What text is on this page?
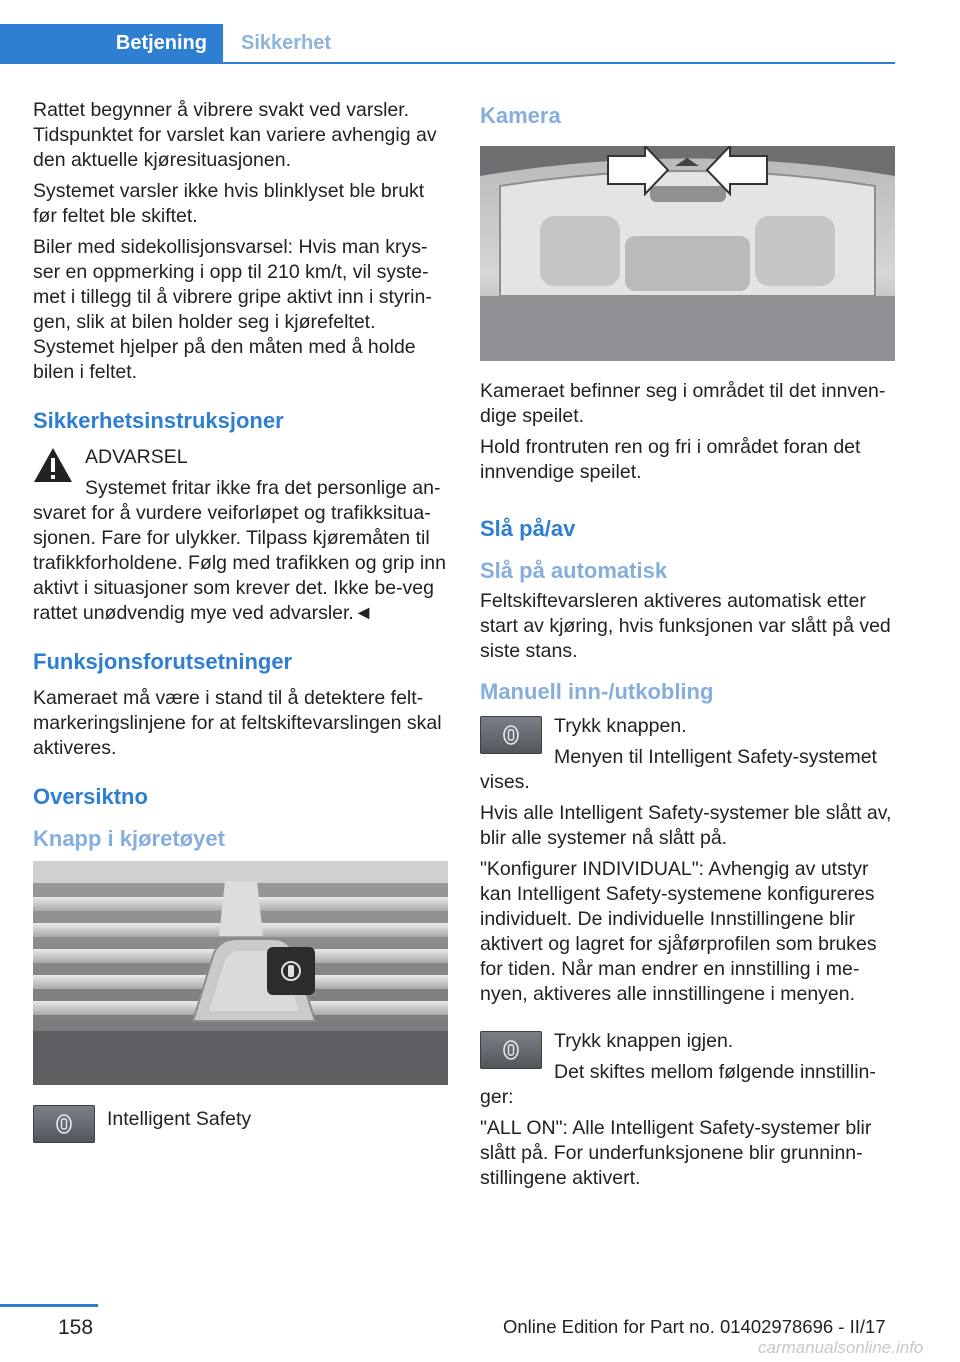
Betjening	Sikkerhet

Rattet begynner å vibrere svakt ved varsler. Tidspunktet for varslet kan variere avhengig av den aktuelle kjøresituasjonen.

Systemet varsler ikke hvis blinklyset ble brukt før feltet ble skiftet.

Biler med sidekollisjonsvarsel: Hvis man krys-ser en oppmerking i opp til 210 km/t, vil syste-met i tillegg til å vibrere gripe aktivt inn i styrin-gen, slik at bilen holder seg i kjørefeltet. Systemet hjelper på den måten med å holde bilen i feltet.

Sikkerhetsinstruksjoner

ADVARSEL

Systemet fritar ikke fra det personlige an-svaret for å vurdere veiforløpet og trafikksitua-sjonen. Fare for ulykker. Tilpass kjøremåten til trafikkforholdene. Følg med trafikken og grip inn aktivt i situasjoner som krever det. Ikke be-veg rattet unødvendig mye ved advarsler.◄

Funksjonsforutsetninger

Kameraet må være i stand til å detektere felt-markeringslinjene for at feltskiftevarslingen skal aktiveres.

Oversiktno
Knapp i kjøretøyet

Intelligent Safety

Kamera

Kameraet befinner seg i området til det innven-dige speilet.

Hold frontruten ren og fri i området foran det innvendige speilet.

Slå på/av
Slå på automatisk

Feltskiftevarsleren aktiveres automatisk etter start av kjøring, hvis funksjonen var slått på ved siste stans.

Manuell inn-/utkobling

Trykk knappen.

Menyen til Intelligent Safety-systemet vises.

Hvis alle Intelligent Safety-systemer ble slått av, blir alle systemer nå slått på.

"Konfigurer INDIVIDUAL": Avhengig av utstyr kan Intelligent Safety-systemene konfigureres individuelt. De individuelle Innstillingene blir aktivert og lagret for sjåførprofilen som brukes for tiden. Når man endrer en innstilling i me-nyen, aktiveres alle innstillingene i menyen.

Trykk knappen igjen.

Det skiftes mellom følgende innstillin-ger:

"ALL ON": Alle Intelligent Safety-systemer blir slått på. For underfunksjonene blir grunninn-stillingene aktivert.

158	Online Edition for Part no. 01402978696 - II/17
carmanualsonline.info
